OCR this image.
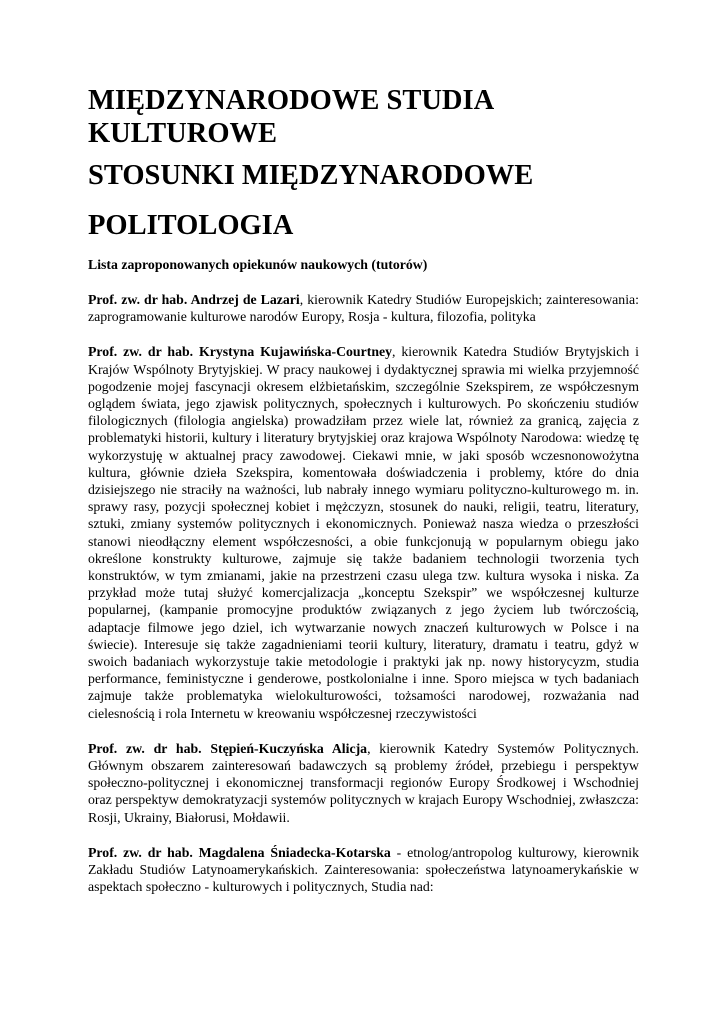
MIĘDZYNARODOWE STUDIA KULTUROWE
STOSUNKI MIĘDZYNARODOWE
POLITOLOGIA

Lista zaproponowanych opiekunów naukowych (tutorów)

Prof. zw. dr hab. Andrzej de Lazari, kierownik Katedry Studiów Europejskich; zainteresowania: zaprogramowanie kulturowe narodów Europy, Rosja - kultura, filozofia, polityka

Prof. zw. dr hab. Krystyna Kujawińska-Courtney, kierownik Katedra Studiów Brytyjskich i Krajów Wspólnoty Brytyjskiej. W pracy naukowej i dydaktycznej sprawia mi wielka przyjemność pogodzenie mojej fascynacji okresem elżbietańskim, szczególnie Szekspirem, ze współczesnym oglądem świata, jego zjawisk politycznych, społecznych i kulturowych. Po skończeniu studiów filologicznych (filologia angielska) prowadziłam przez wiele lat, również za granicą, zajęcia z problematyki historii, kultury i literatury brytyjskiej oraz krajowa Wspólnoty Narodowa: wiedzę tę wykorzystuję w aktualnej pracy zawodowej. Ciekawi mnie, w jaki sposób wczesnonowożytna kultura, głównie dzieła Szekspira, komentowała doświadczenia i problemy, które do dnia dzisiejszego nie straciły na ważności, lub nabrały innego wymiaru polityczno-kulturowego m. in. sprawy rasy, pozycji społecznej kobiet i mężczyzn, stosunek do nauki, religii, teatru, literatury, sztuki, zmiany systemów politycznych i ekonomicznych. Ponieważ nasza wiedza o przeszłości stanowi nieodłączny element współczesności, a obie funkcjonują w popularnym obiegu jako określone konstrukty kulturowe, zajmuje się także badaniem technologii tworzenia tych konstruktów, w tym zmianami, jakie na przestrzeni czasu ulega tzw. kultura wysoka i niska. Za przykład może tutaj służyć komercjalizacja „konceptu Szekspir” we współczesnej kulturze popularnej, (kampanie promocyjne produktów związanych z jego życiem lub twórczością, adaptacje filmowe jego dziel, ich wytwarzanie nowych znaczeń kulturowych w Polsce i na świecie). Interesuje się także zagadnieniami teorii kultury, literatury, dramatu i teatru, gdyż w swoich badaniach wykorzystuje takie metodologie i praktyki jak np. nowy historycyzm, studia performance, feministyczne i genderowe, postkolonialne i inne. Sporo miejsca w tych badaniach zajmuje także problematyka wielokulturowości, tożsamości narodowej, rozważania nad cielesnością i rola Internetu w kreowaniu współczesnej rzeczywistości

Prof. zw. dr hab. Stępień-Kuczyńska Alicja, kierownik Katedry Systemów Politycznych. Głównym obszarem zainteresowań badawczych są problemy źródeł, przebiegu i perspektyw społeczno-politycznej i ekonomicznej transformacji regionów Europy Środkowej i Wschodniej oraz perspektyw demokratyzacji systemów politycznych w krajach Europy Wschodniej, zwłaszcza: Rosji, Ukrainy, Białorusi, Mołdawii.

Prof. zw. dr hab. Magdalena Śniadecka-Kotarska - etnolog/antropolog kulturowy, kierownik Zakładu Studiów Latynoamerykańskich. Zainteresowania: społeczeństwa latynoamerykańskie w aspektach społeczno - kulturowych i politycznych, Studia nad:
